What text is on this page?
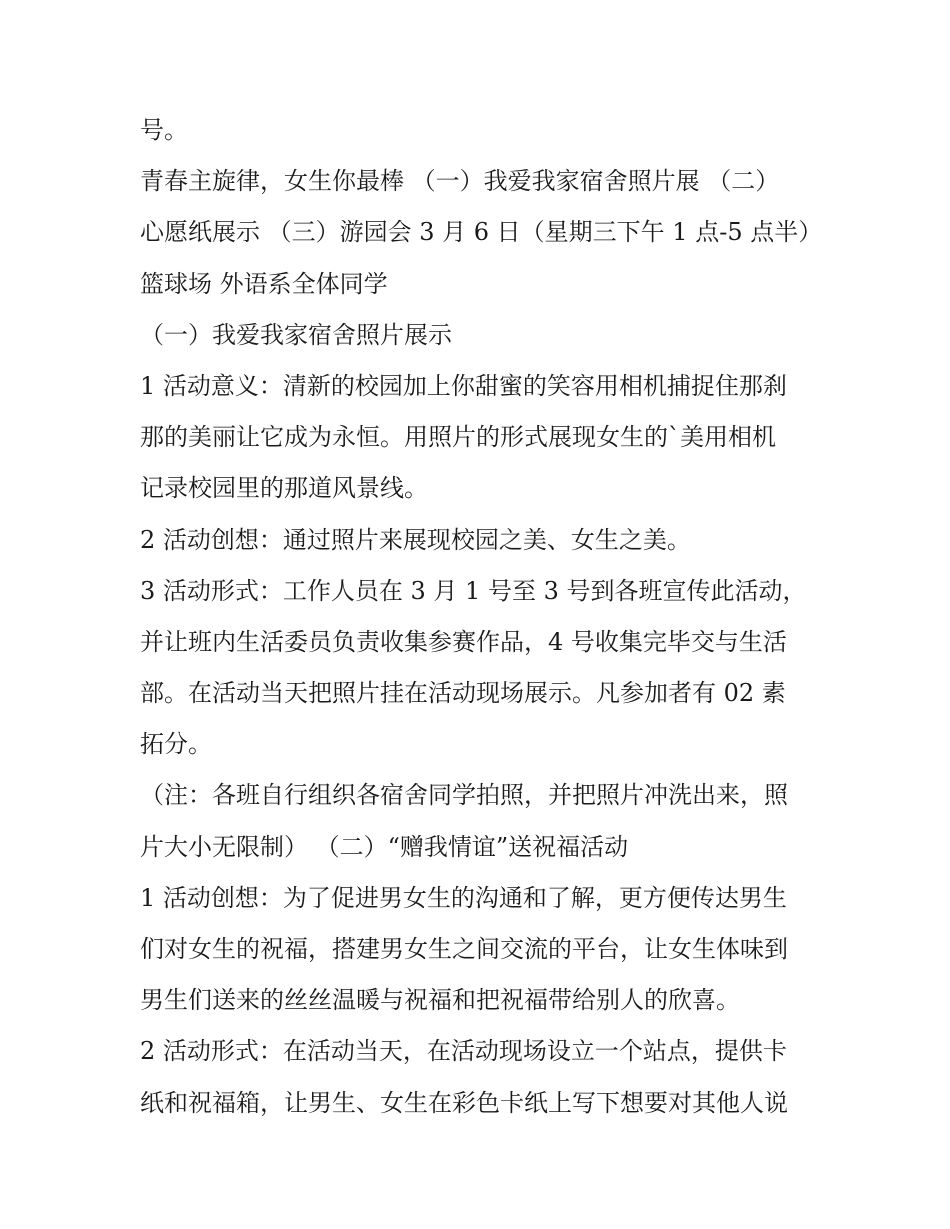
号。
青春主旋律，女生你最棒 （一）我爱我家宿舍照片展 （二）
心愿纸展示 （三）游园会 3 月 6 日（星期三下午 1 点-5 点半）
篮球场 外语系全体同学
（一）我爱我家宿舍照片展示
1 活动意义：清新的校园加上你甜蜜的笑容用相机捕捉住那刹
那的美丽让它成为永恒。用照片的形式展现女生的`美用相机
记录校园里的那道风景线。
2 活动创想：通过照片来展现校园之美、女生之美。
3 活动形式：工作人员在 3 月 1 号至 3 号到各班宣传此活动，
并让班内生活委员负责收集参赛作品，4 号收集完毕交与生活
部。在活动当天把照片挂在活动现场展示。凡参加者有 02 素
拓分。
（注：各班自行组织各宿舍同学拍照，并把照片冲洗出来，照
片大小无限制） （二）“赠我情谊”送祝福活动
1 活动创想：为了促进男女生的沟通和了解，更方便传达男生
们对女生的祝福，搭建男女生之间交流的平台，让女生体味到
男生们送来的丝丝温暖与祝福和把祝福带给别人的欣喜。
2 活动形式：在活动当天，在活动现场设立一个站点，提供卡
纸和祝福箱，让男生、女生在彩色卡纸上写下想要对其他人说
